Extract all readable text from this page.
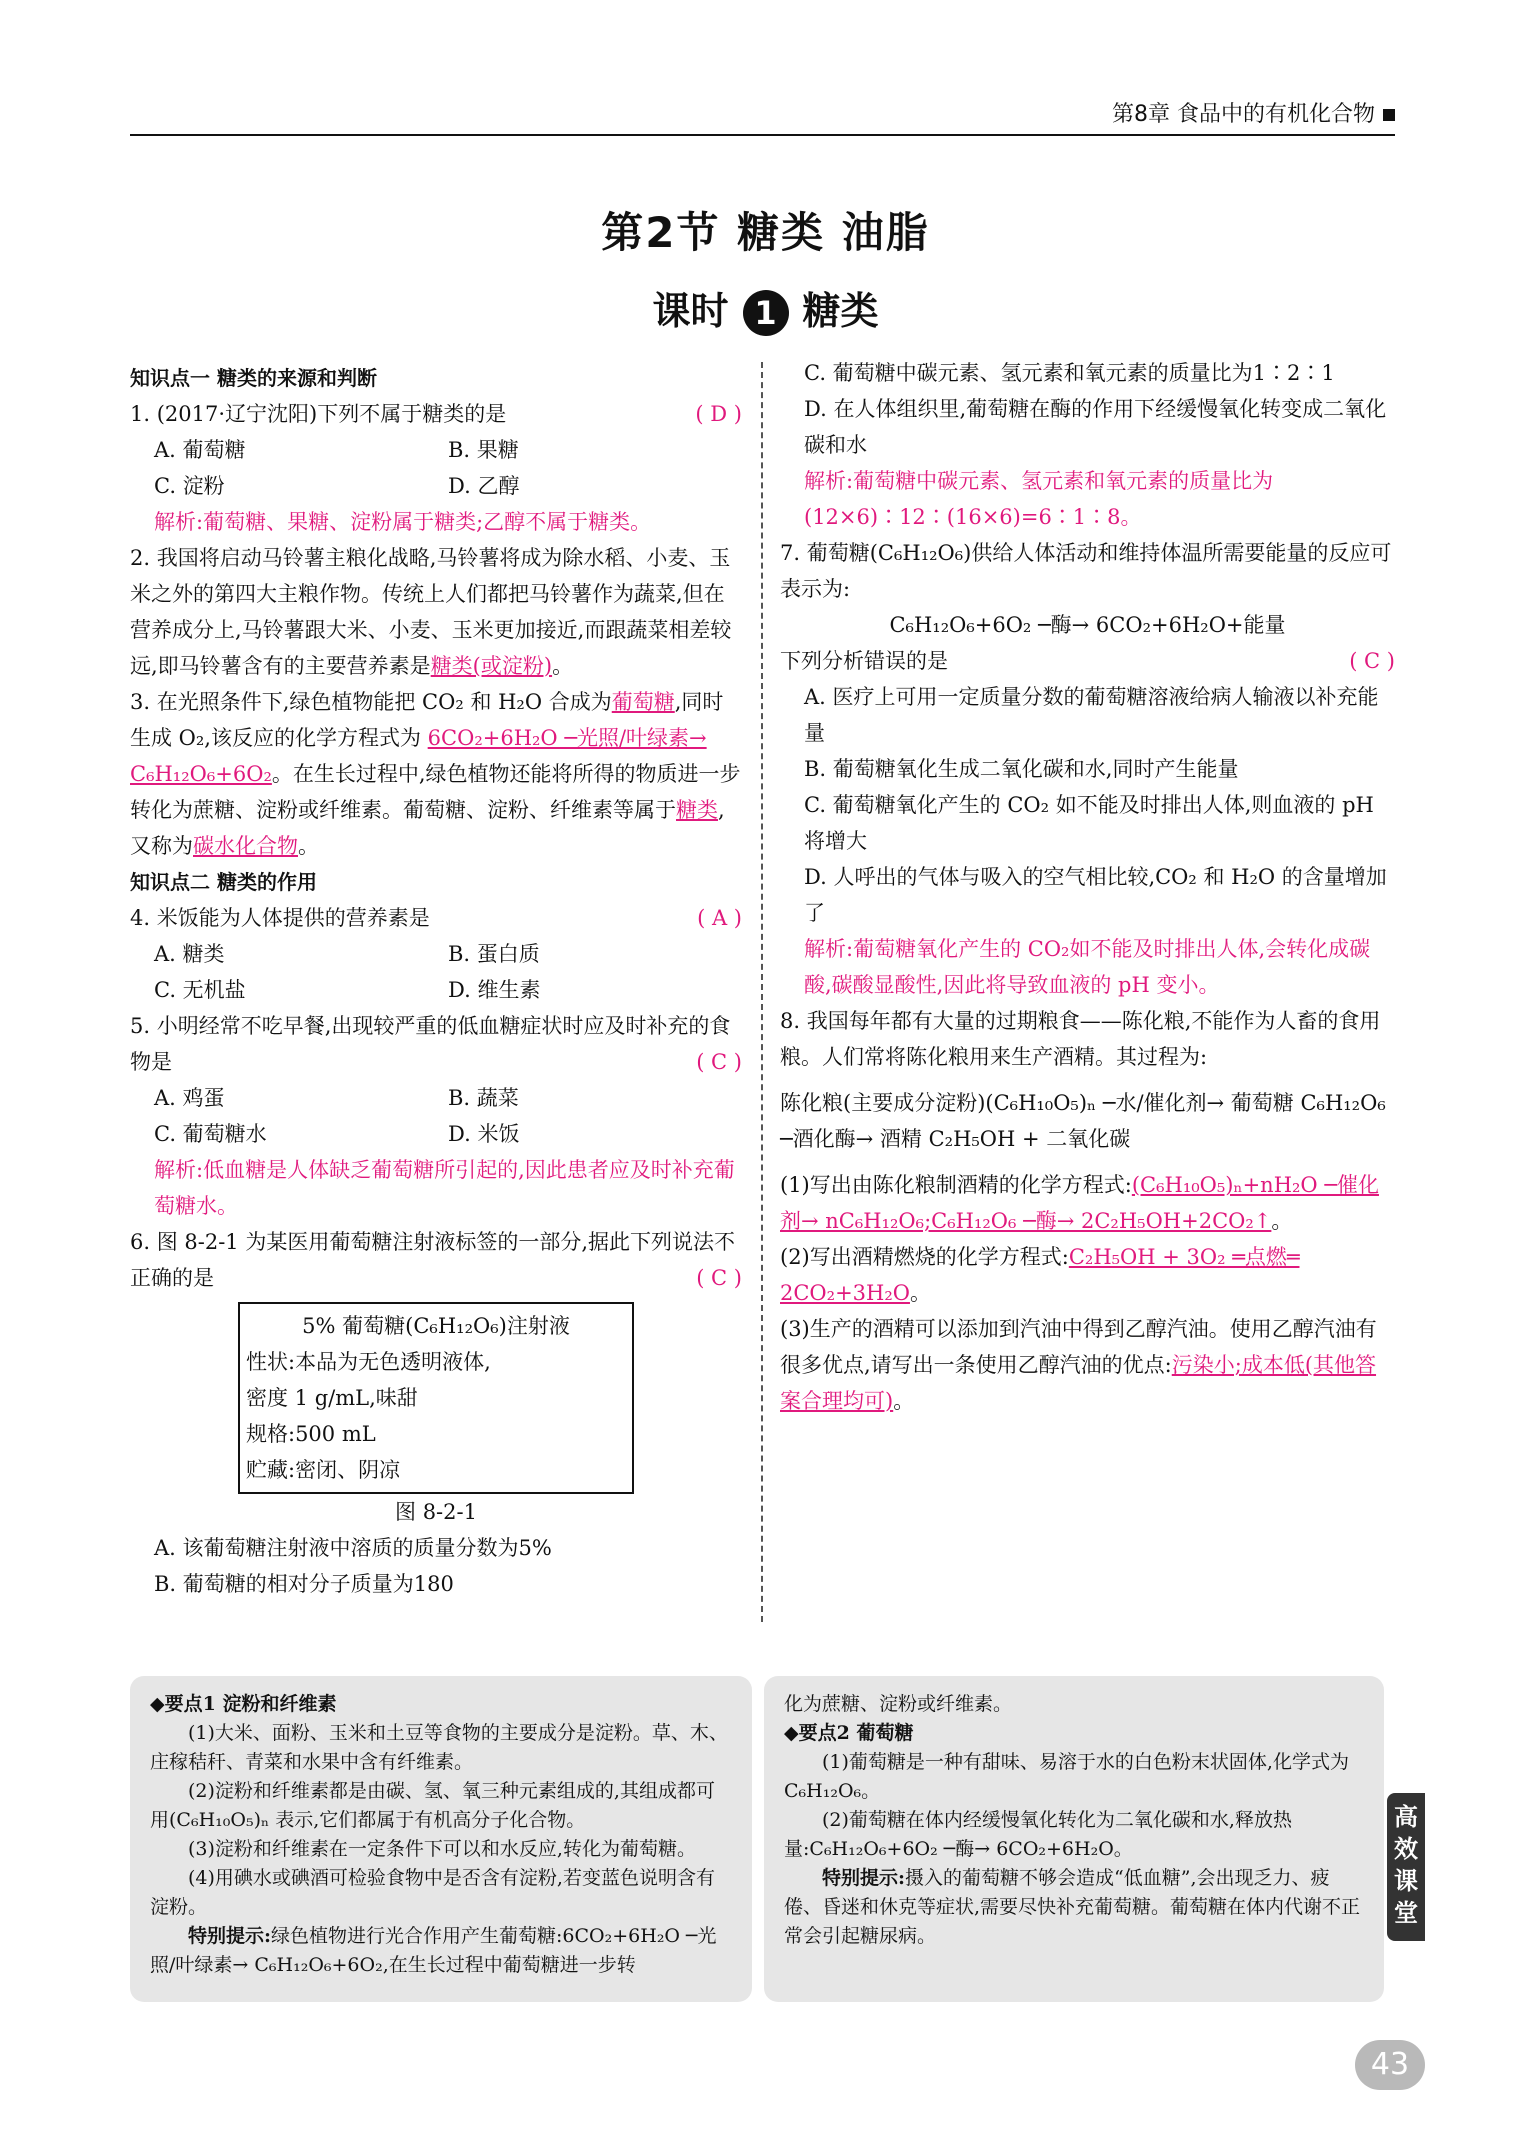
第8章 食品中的有机化合物
第2节 糖类 油脂
课时 1 糖类

知识点一 糖类的来源和判断

( D )
1. (2017·辽宁沈阳)下列不属于糖类的是

A. 葡萄糖	B. 果糖
C. 淀粉	D. 乙醇

解析:葡萄糖、果糖、淀粉属于糖类;乙醇不属于糖类。

2. 我国将启动马铃薯主粮化战略,马铃薯将成为除水稻、小麦、玉米之外的第四大主粮作物。传统上人们都把马铃薯作为蔬菜,但在营养成分上,马铃薯跟大米、小麦、玉米更加接近,而跟蔬菜相差较远,即马铃薯含有的主要营养素是糖类(或淀粉)。

3. 在光照条件下,绿色植物能把 CO₂ 和 H₂O 合成为葡萄糖,同时生成 O₂,该反应的化学方程式为 6CO₂+6H₂O ─光照/叶绿素→ C₆H₁₂O₆+6O₂。在生长过程中,绿色植物还能将所得的物质进一步转化为蔗糖、淀粉或纤维素。葡萄糖、淀粉、纤维素等属于糖类,又称为碳水化合物。

知识点二 糖类的作用

( A )
4. 米饭能为人体提供的营养素是

A. 糖类	B. 蛋白质
C. 无机盐	D. 维生素

5. 小明经常不吃早餐,出现较严重的低血糖症状时应及时补充的食物是	( C )

A. 鸡蛋	B. 蔬菜
C. 葡萄糖水	D. 米饭

解析:低血糖是人体缺乏葡萄糖所引起的,因此患者应及时补充葡萄糖水。

6. 图 8-2-1 为某医用葡萄糖注射液标签的一部分,据此下列说法不正确的是	( C )

5% 葡萄糖(C₆H₁₂O₆)注射液
性状:本品为无色透明液体,
密度 1 g/mL,味甜
规格:500 mL
贮藏:密闭、阴凉

图 8-2-1

A. 该葡萄糖注射液中溶质的质量分数为5%

B. 葡萄糖的相对分子质量为180

C. 葡萄糖中碳元素、氢元素和氧元素的质量比为1∶2∶1

D. 在人体组织里,葡萄糖在酶的作用下经缓慢氧化转变成二氧化碳和水

解析:葡萄糖中碳元素、氢元素和氧元素的质量比为(12×6)∶12∶(16×6)=6∶1∶8。

7. 葡萄糖(C₆H₁₂O₆)供给人体活动和维持体温所需要能量的反应可表示为:

C₆H₁₂O₆+6O₂ ─酶→ 6CO₂+6H₂O+能量

( C )
下列分析错误的是

A. 医疗上可用一定质量分数的葡萄糖溶液给病人输液以补充能量

B. 葡萄糖氧化生成二氧化碳和水,同时产生能量

C. 葡萄糖氧化产生的 CO₂ 如不能及时排出人体,则血液的 pH 将增大

D. 人呼出的气体与吸入的空气相比较,CO₂ 和 H₂O 的含量增加了

解析:葡萄糖氧化产生的 CO₂如不能及时排出人体,会转化成碳酸,碳酸显酸性,因此将导致血液的 pH 变小。

8. 我国每年都有大量的过期粮食——陈化粮,不能作为人畜的食用粮。人们常将陈化粮用来生产酒精。其过程为:

陈化粮(主要成分淀粉)(C₆H₁₀O₅)ₙ ─水/催化剂→ 葡萄糖 C₆H₁₂O₆ ─酒化酶→ 酒精 C₂H₅OH + 二氧化碳

(1)写出由陈化粮制酒精的化学方程式:(C₆H₁₀O₅)ₙ+nH₂O ─催化剂→ nC₆H₁₂O₆;C₆H₁₂O₆ ─酶→ 2C₂H₅OH+2CO₂↑。

(2)写出酒精燃烧的化学方程式:C₂H₅OH + 3O₂ ═点燃═ 2CO₂+3H₂O。

(3)生产的酒精可以添加到汽油中得到乙醇汽油。使用乙醇汽油有很多优点,请写出一条使用乙醇汽油的优点:污染小;成本低(其他答案合理均可)。

◆要点1 淀粉和纤维素
(1)大米、面粉、玉米和土豆等食物的主要成分是淀粉。草、木、庄稼秸秆、青菜和水果中含有纤维素。
(2)淀粉和纤维素都是由碳、氢、氧三种元素组成的,其组成都可用(C₆H₁₀O₅)ₙ 表示,它们都属于有机高分子化合物。
(3)淀粉和纤维素在一定条件下可以和水反应,转化为葡萄糖。
(4)用碘水或碘酒可检验食物中是否含有淀粉,若变蓝色说明含有淀粉。
特别提示:绿色植物进行光合作用产生葡萄糖:6CO₂+6H₂O ─光照/叶绿素→ C₆H₁₂O₆+6O₂,在生长过程中葡萄糖进一步转
化为蔗糖、淀粉或纤维素。
◆要点2 葡萄糖
(1)葡萄糖是一种有甜味、易溶于水的白色粉末状固体,化学式为 C₆H₁₂O₆。
(2)葡萄糖在体内经缓慢氧化转化为二氧化碳和水,释放热量:C₆H₁₂O₆+6O₂ ─酶→ 6CO₂+6H₂O。
特别提示:摄入的葡萄糖不够会造成“低血糖”,会出现乏力、疲倦、昏迷和休克等症状,需要尽快补充葡萄糖。葡萄糖在体内代谢不正常会引起糖尿病。
高效课堂
43
